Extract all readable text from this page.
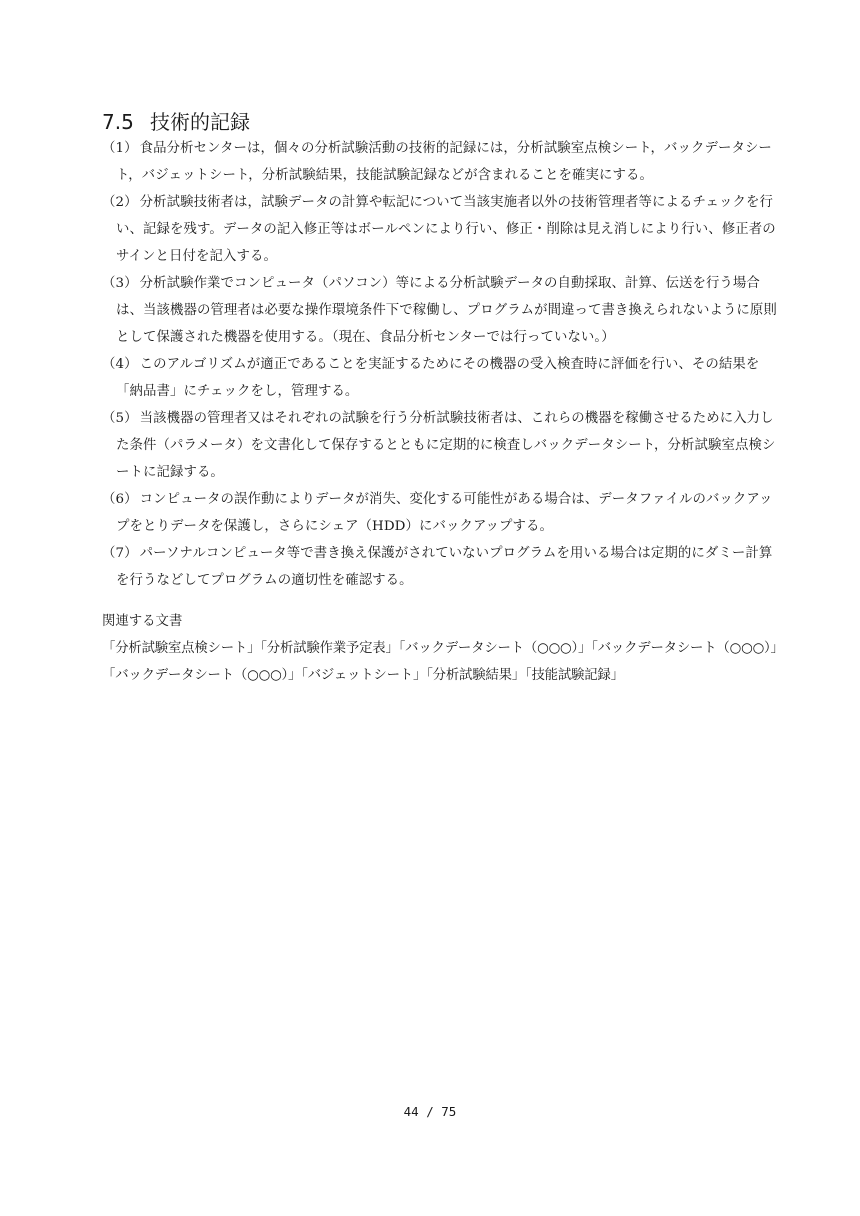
7.5 技術的記録
（1） 食品分析センターは，個々の分析試験活動の技術的記録には，分析試験室点検シート，バックデータシート，バジェットシート，分析試験結果，技能試験記録などが含まれることを確実にする。
（2） 分析試験技術者は，試験データの計算や転記について当該実施者以外の技術管理者等によるチェックを行い、記録を残す。データの記入修正等はボールペンにより行い、修正・削除は見え消しにより行い、修正者のサインと日付を記入する。
（3） 分析試験作業でコンピュータ（パソコン）等による分析試験データの自動採取、計算、伝送を行う場合は、当該機器の管理者は必要な操作環境条件下で稼働し、プログラムが間違って書き換えられないように原則として保護された機器を使用する。（現在、食品分析センターでは行っていない。）
（4） このアルゴリズムが適正であることを実証するためにその機器の受入検査時に評価を行い、その結果を「納品書」にチェックをし，管理する。
（5） 当該機器の管理者又はそれぞれの試験を行う分析試験技術者は、これらの機器を稼働させるために入力した条件（パラメータ）を文書化して保存するとともに定期的に検査しバックデータシート，分析試験室点検シートに記録する。
（6） コンピュータの誤作動によりデータが消失、変化する可能性がある場合は、データファイルのバックアップをとりデータを保護し，さらにシェア（HDD）にバックアップする。
（7） パーソナルコンピュータ等で書き換え保護がされていないプログラムを用いる場合は定期的にダミー計算を行うなどしてプログラムの適切性を確認する。
関連する文書
「分析試験室点検シート」「分析試験作業予定表」「バックデータシート（○○○）」「バックデータシート（○○○）」「バックデータシート（○○○）」「バジェットシート」「分析試験結果」「技能試験記録」
44 / 75
